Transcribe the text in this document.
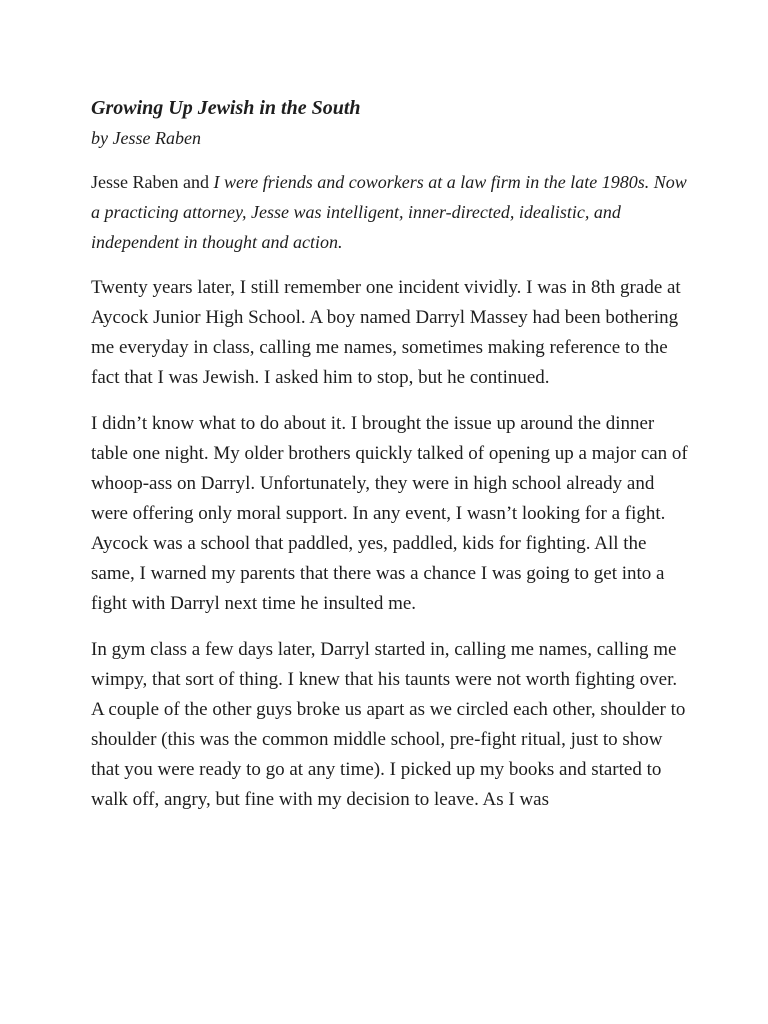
Growing Up Jewish in the South

by Jesse Raben

Jesse Raben and I were friends and coworkers at a law firm in the late 1980s. Now a practicing attorney, Jesse was intelligent, inner-directed, idealistic, and independent in thought and action.

Twenty years later, I still remember one incident vividly. I was in 8th grade at Aycock Junior High School. A boy named Darryl Massey had been bothering me everyday in class, calling me names, sometimes making reference to the fact that I was Jewish. I asked him to stop, but he continued.

I didn’t know what to do about it. I brought the issue up around the dinner table one night. My older brothers quickly talked of opening up a major can of whoop-ass on Darryl. Unfortunately, they were in high school already and were offering only moral support. In any event, I wasn’t looking for a fight. Aycock was a school that paddled, yes, paddled, kids for fighting. All the same, I warned my parents that there was a chance I was going to get into a fight with Darryl next time he insulted me.

In gym class a few days later, Darryl started in, calling me names, calling me wimpy, that sort of thing. I knew that his taunts were not worth fighting over. A couple of the other guys broke us apart as we circled each other, shoulder to shoulder (this was the common middle school, pre-fight ritual, just to show that you were ready to go at any time). I picked up my books and started to walk off, angry, but fine with my decision to leave. As I was
